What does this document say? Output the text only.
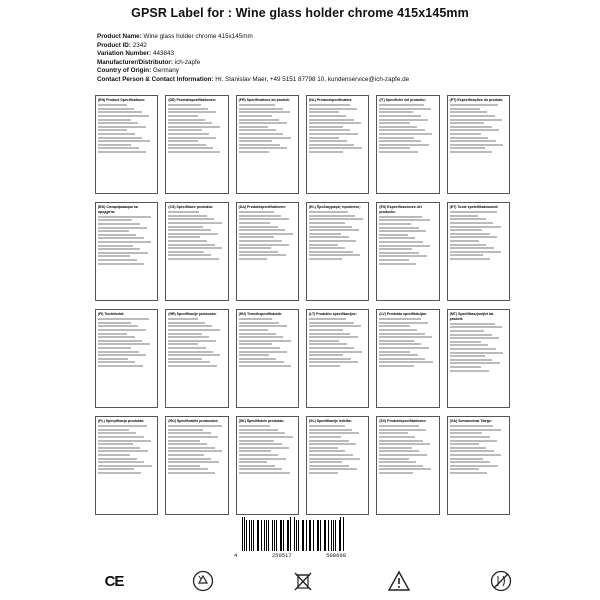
GPSR Label for : Wine glass holder chrome 415x145mm
Product Name: Wine glass holder chrome 415x145mm
Product ID: 2342
Variation Number: 443843
Manufacturer/Distributor: ich-zapfe
Country of Origin: Germany
Contact Person & Contact Information: Hr. Stanislav Maer, +49 5151 87798 10, kundenservice@ich-zapfe.de
(EN) Product Specifications:	(DE) Produktspezifikationen:	(FR) Spécifications du produit:	(NL) Productspecificaties:	(IT) Specifiche del prodotto:	(PT) Especificações do produto:
(BG) Спецификации на продукта:
(CS) Specifikace produktu:	(DA) Produktspecifikationer:	(EL) Προδιαγραφές προϊόντος:	(ES) Especificaciones del producto:
(ET) Toote spetsifikatsioonid:
(FI) Tuotetiedot:	(HR) Specifikacije proizvoda:	(HU) Termékspecifikációk:	(LT) Produkto specifikacijos:	(LV) Produkta specifikācijas:	(MT) Speċifikazzjonijiet tal-prodott:
(PL) Specyfikacja produktu:	(RO) Specificațiile produsului:	(SK) Špecifikácie produktu:	(SL) Specifikacije izdelka:	(SV) Produktspecifikationer:	(GA) Sonraíochtaí Táirge:
4	250517	508698
CE
